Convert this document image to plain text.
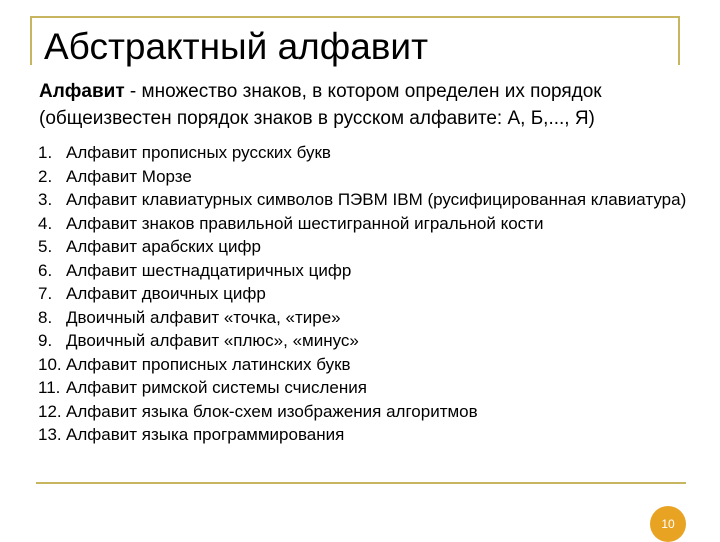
Абстрактный алфавит

Алфавит - множество знаков, в котором определен их порядок (общеизвестен порядок знаков в русском алфавите: А, Б,..., Я)

1. Алфавит прописных русских букв
2. Алфавит Морзе
3. Алфавит клавиатурных символов ПЭВМ IBM (русифицированная клавиатура)
4. Алфавит знаков правильной шестигранной игральной кости
5. Алфавит арабских цифр
6. Алфавит шестнадцатиричных цифр
7. Алфавит двоичных цифр
8. Двоичный алфавит «точка, «тире»
9. Двоичный алфавит «плюс», «минус»
10. Алфавит прописных латинских букв
11. Алфавит римской системы счисления
12. Алфавит языка блок-схем изображения алгоритмов
13. Алфавит языка программирования
10
